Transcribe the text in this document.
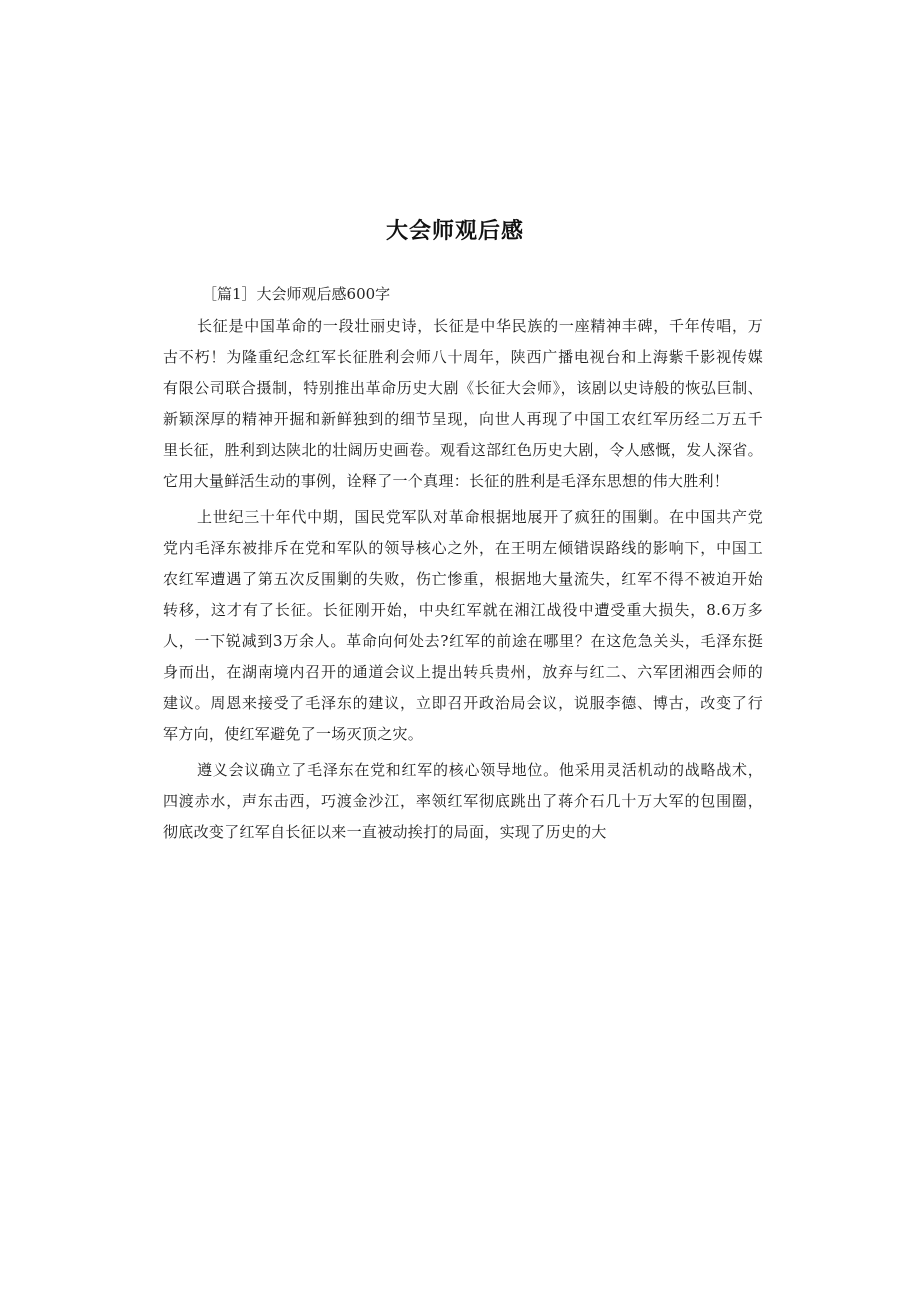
大会师观后感

［篇1］大会师观后感600字

长征是中国革命的一段壮丽史诗，长征是中华民族的一座精神丰碑，千年传唱，万
古不朽！为隆重纪念红军长征胜利会师八十周年，陕西广播电视台和上海紫千影视传媒
有限公司联合摄制，特别推出革命历史大剧《长征大会师》，该剧以史诗般的恢弘巨制、
新颖深厚的精神开掘和新鲜独到的细节呈现，向世人再现了中国工农红军历经二万五千
里长征，胜利到达陕北的壮阔历史画卷。观看这部红色历史大剧，令人感慨，发人深省。
它用大量鲜活生动的事例，诠释了一个真理：长征的胜利是毛泽东思想的伟大胜利！
上世纪三十年代中期，国民党军队对革命根据地展开了疯狂的围剿。在中国共产党
党内毛泽东被排斥在党和军队的领导核心之外，在王明左倾错误路线的影响下，中国工
农红军遭遇了第五次反围剿的失败，伤亡惨重，根据地大量流失，红军不得不被迫开始
转移，这才有了长征。长征刚开始，中央红军就在湘江战役中遭受重大损失，8.6万多
人，一下锐减到3万余人。革命向何处去?红军的前途在哪里？在这危急关头，毛泽东挺
身而出，在湖南境内召开的通道会议上提出转兵贵州，放弃与红二、六军团湘西会师的
建议。周恩来接受了毛泽东的建议，立即召开政治局会议，说服李德、博古，改变了行
军方向，使红军避免了一场灭顶之灾。
遵义会议确立了毛泽东在党和红军的核心领导地位。他采用灵活机动的战略战术，
四渡赤水，声东击西，巧渡金沙江，率领红军彻底跳出了蒋介石几十万大军的包围圈，
彻底改变了红军自长征以来一直被动挨打的局面，实现了历史的大
